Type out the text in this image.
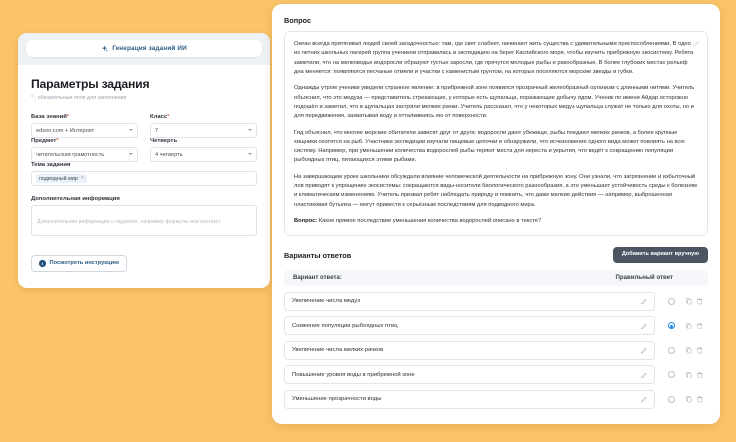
Генерация заданий ИИ
Параметры задания
* - обязательные поля для заполнения
База знаний*
edsoo.com + Интернет
Класс*
7
Предмет*
читательская грамотность
Четверть
4 четверть
Тема задания
подводный мир ×
Дополнительная информация
Дополнительная информация о заданиях, например формулы или контекст
i	Посмотреть инструкцию
Вопрос

Океан всегда притягивал людей своей загадочностью: там, где свет слабеет, начинают жить существа с удивительными приспособлениями. В одно из летних школьных лагерей группа учеников отправилась в экспедицию на берег Каспийского моря, чтобы изучить прибрежную экосистему. Ребята заметили, что на мелководье водоросли образуют густые заросли, где прячутся молодые рыбы и ракообразные. В более глубоких местах рельеф дна меняется: появляются песчаные отмели и участки с каменистым грунтом, на которых поселяются морские звезды и губки.

Однажды утром ученики увидели странное явление: в прибрежной зоне появился прозрачный желеобразный организм с длинными нитями. Учитель объяснил, что это медуза — представитель стрекающих, у которых есть щупальца, поражающие добычу ядом. Ученик по имени Айдар осторожно подошёл и заметил, что в щупальцах застряли мелкие рачки. Учитель рассказал, что у некоторых медуз щупальца служат не только для охоты, но и для передвижения, захватывая воду и отталкиваясь ею от поверхности.

Гид объяснил, что многие морские обитатели зависят друг от друга: водоросли дают убежище, рыбы поедают мелких рачков, а более крупные хищники охотятся на рыб. Участники экспедиции изучали пищевые цепочки и обнаружили, что исчезновение одного вида может повлиять на всю систему. Например, при уменьшении количества водорослей рыбы теряют места для нереста и укрытия, что ведёт к сокращению популяции рыбоядных птиц, питающихся этими рыбами.

На завершающем уроке школьники обсуждали влияние человеческой деятельности на прибрежную зону. Они узнали, что загрязнение и избыточный лов приводят к упрощению экосистемы: сокращаются виды-носители биологического разнообразия, а это уменьшает устойчивость среды к болезням и климатическим изменениям. Учитель призвал ребят наблюдать природу и помнить, что даже мелкие действия — например, выброшенная пластиковая бутылка — могут привести к серьёзным последствиям для подводного мира.

Вопрос: Какое прямое последствие уменьшения количества водорослей описано в тексте?

Варианты ответов	Добавить вариант вручную
Вариант ответа:	Правильный ответ
Увеличение числа медуз
Снижение популяции рыбоядных птиц
Увеличение числа мелких рачков
Повышение уровня воды в прибрежной зоне
Уменьшение прозрачности воды
